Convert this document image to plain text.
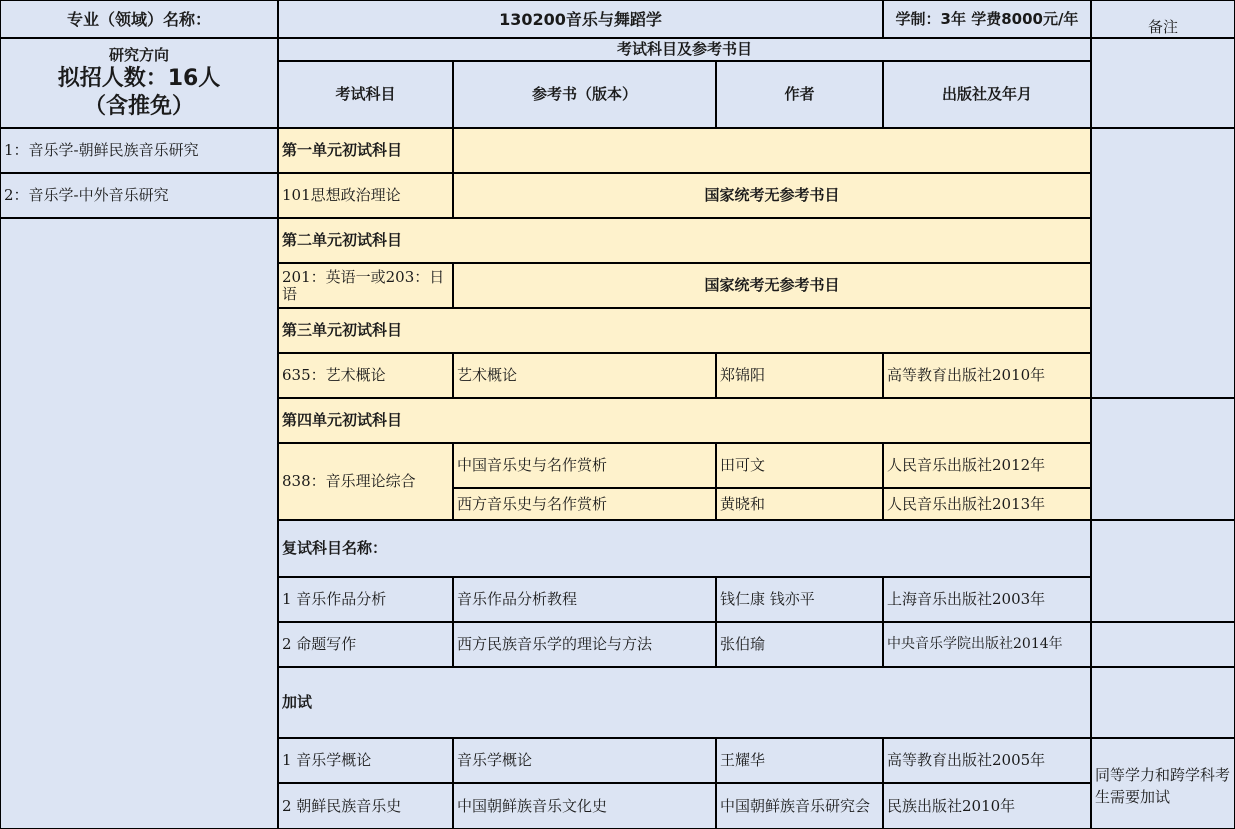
专业（领域）名称：	130200音乐与舞蹈学	学制：3年 学费8000元/年	备注
研究方向
拟招人数：16人
（含推免）
1：音乐学-朝鲜民族音乐研究
2：音乐学-中外音乐研究
考试科目及参考书目
考试科目	参考书（版本）	作者	出版社及年月
第一单元初试科目
101思想政治理论	国家统考无参考书目
第二单元初试科目
201：英语一或203：日语	国家统考无参考书目
第三单元初试科目
635：艺术概论	艺术概论	郑锦阳	高等教育出版社2010年
第四单元初试科目
838：音乐理论综合
中国音乐史与名作赏析	田可文	人民音乐出版社2012年
西方音乐史与名作赏析	黄晓和	人民音乐出版社2013年
复试科目名称：
1 音乐作品分析	音乐作品分析教程	钱仁康 钱亦平	上海音乐出版社2003年
2 命题写作	西方民族音乐学的理论与方法	张伯瑜	中央音乐学院出版社2014年
加试
1 音乐学概论	音乐学概论	王耀华	高等教育出版社2005年
2 朝鲜民族音乐史	中国朝鲜族音乐文化史	中国朝鲜族音乐研究会	民族出版社2010年
同等学力和跨学科考生需要加试
